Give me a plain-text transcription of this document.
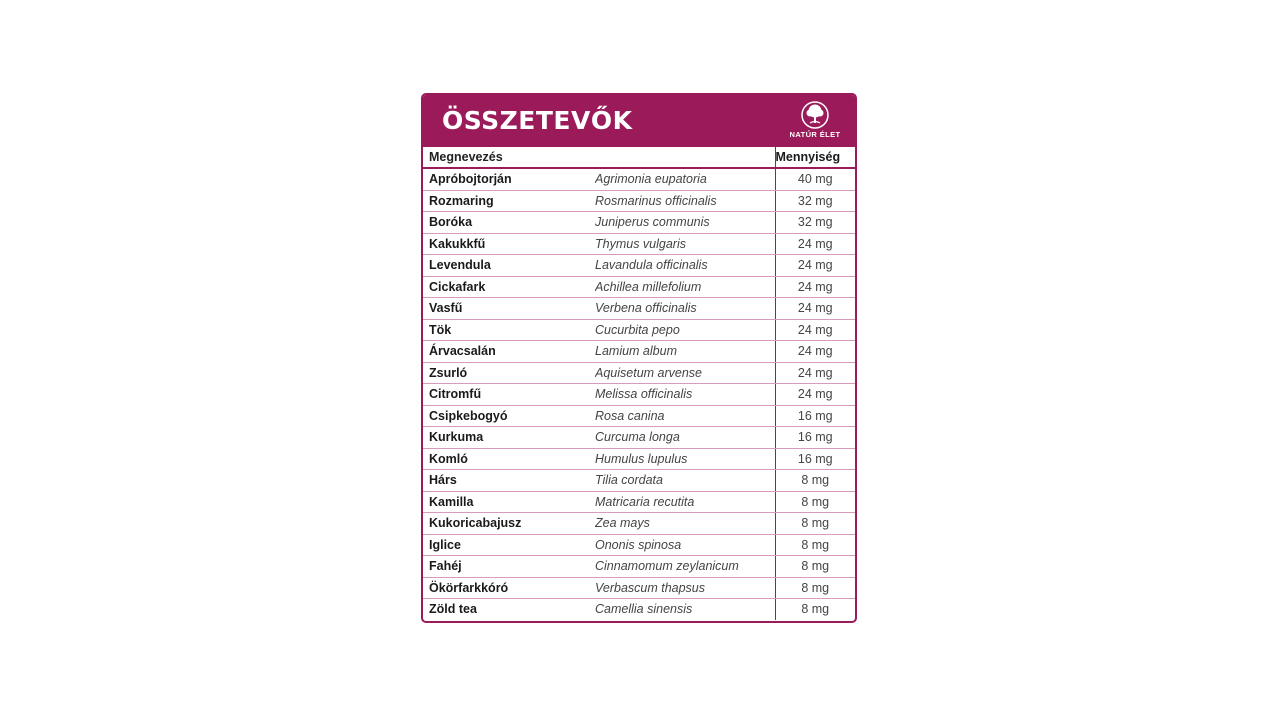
ÖSSZETEVŐK	NATÚR ÉLET
Megnevezés		Mennyiség
Apróbojtorján	Agrimonia eupatoria	40 mg
Rozmaring	Rosmarinus officinalis	32 mg
Boróka	Juniperus communis	32 mg
Kakukkfű	Thymus vulgaris	24 mg
Levendula	Lavandula officinalis	24 mg
Cickafark	Achillea millefolium	24 mg
Vasfű	Verbena officinalis	24 mg
Tök	Cucurbita pepo	24 mg
Árvacsalán	Lamium album	24 mg
Zsurló	Aquisetum arvense	24 mg
Citromfű	Melissa officinalis	24 mg
Csipkebogyó	Rosa canina	16 mg
Kurkuma	Curcuma longa	16 mg
Komló	Humulus lupulus	16 mg
Hárs	Tilia cordata	8 mg
Kamilla	Matricaria recutita	8 mg
Kukoricabajusz	Zea mays	8 mg
Iglice	Ononis spinosa	8 mg
Fahéj	Cinnamomum zeylanicum	8 mg
Ökörfarkkóró	Verbascum thapsus	8 mg
Zöld tea	Camellia sinensis	8 mg
